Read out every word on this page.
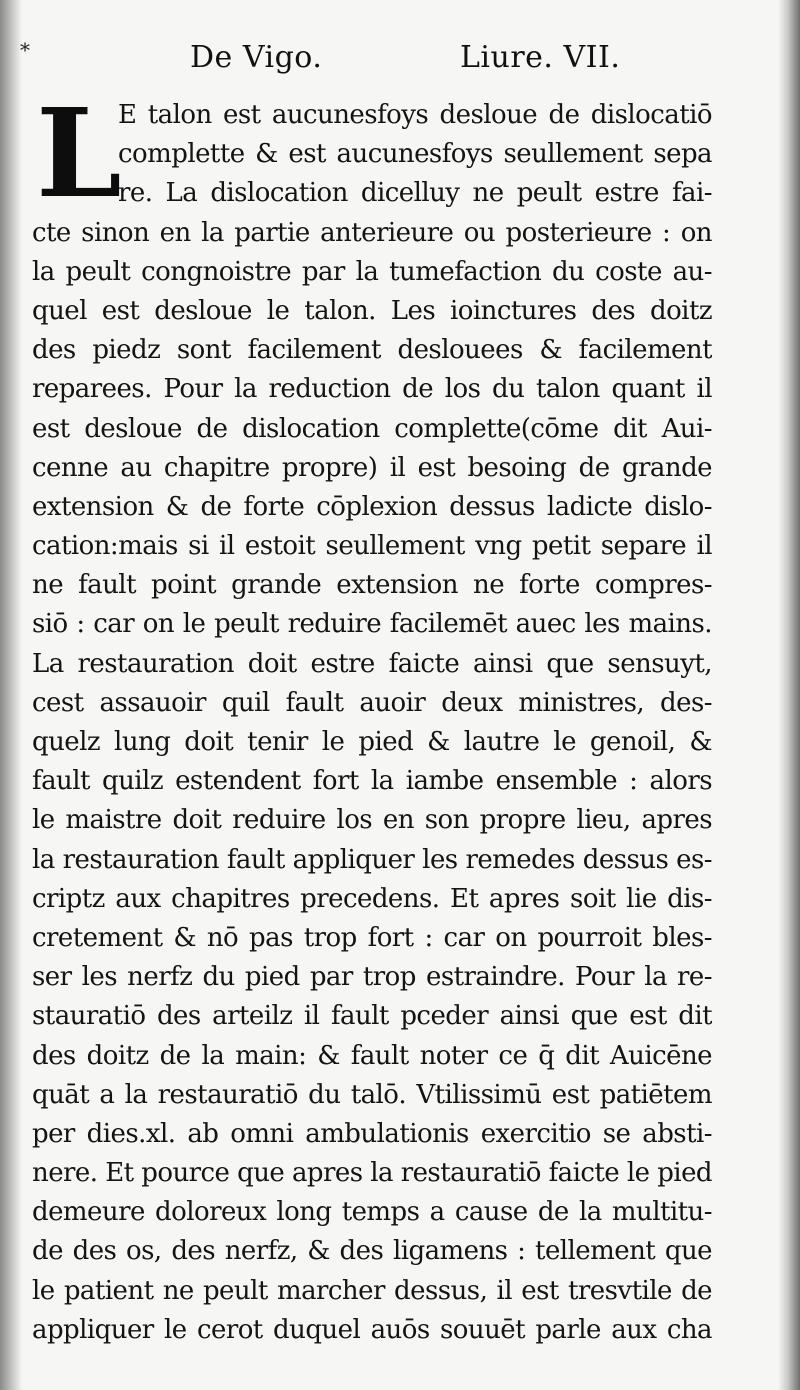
*	De Vigo.	Liure. VII.
L
E talon est aucunesfoys desloue de dislocatiō
complette & est aucunesfoys seullement sepa
re. La dislocation dicelluy ne peult estre fai-
cte sinon en la partie anterieure ou posterieure : on
la peult congnoistre par la tumefaction du coste au-
quel est desloue le talon. Les ioinctures des doitz
des piedz sont facilement deslouees & facilement
reparees. Pour la reduction de los du talon quant il
est desloue de dislocation complette(cōme dit Aui-
cenne au chapitre propre) il est besoing de grande
extension & de forte cōplexion dessus ladicte dislo-
cation:mais si il estoit seullement vng petit separe il
ne fault point grande extension ne forte compres-
siō : car on le peult reduire facilemēt auec les mains.
La restauration doit estre faicte ainsi que sensuyt,
cest assauoir quil fault auoir deux ministres, des-
quelz lung doit tenir le pied & lautre le genoil, &
fault quilz estendent fort la iambe ensemble : alors
le maistre doit reduire los en son propre lieu, apres
la restauration fault appliquer les remedes dessus es-
criptz aux chapitres precedens. Et apres soit lie dis-
cretement & nō pas trop fort : car on pourroit bles-
ser les nerfz du pied par trop estraindre. Pour la re-
stauratiō des arteilz il fault pceder ainsi que est dit
des doitz de la main: & fault noter ce q̄ dit Auicēne
quāt a la restauratiō du talō. Vtilissimū est patiētem
per dies.xl. ab omni ambulationis exercitio se absti-
nere. Et pource que apres la restauratiō faicte le pied
demeure doloreux long temps a cause de la multitu-
de des os, des nerfz, & des ligamens : tellement que
le patient ne peult marcher dessus, il est tresvtile de
appliquer le cerot duquel auōs souuēt parle aux cha
